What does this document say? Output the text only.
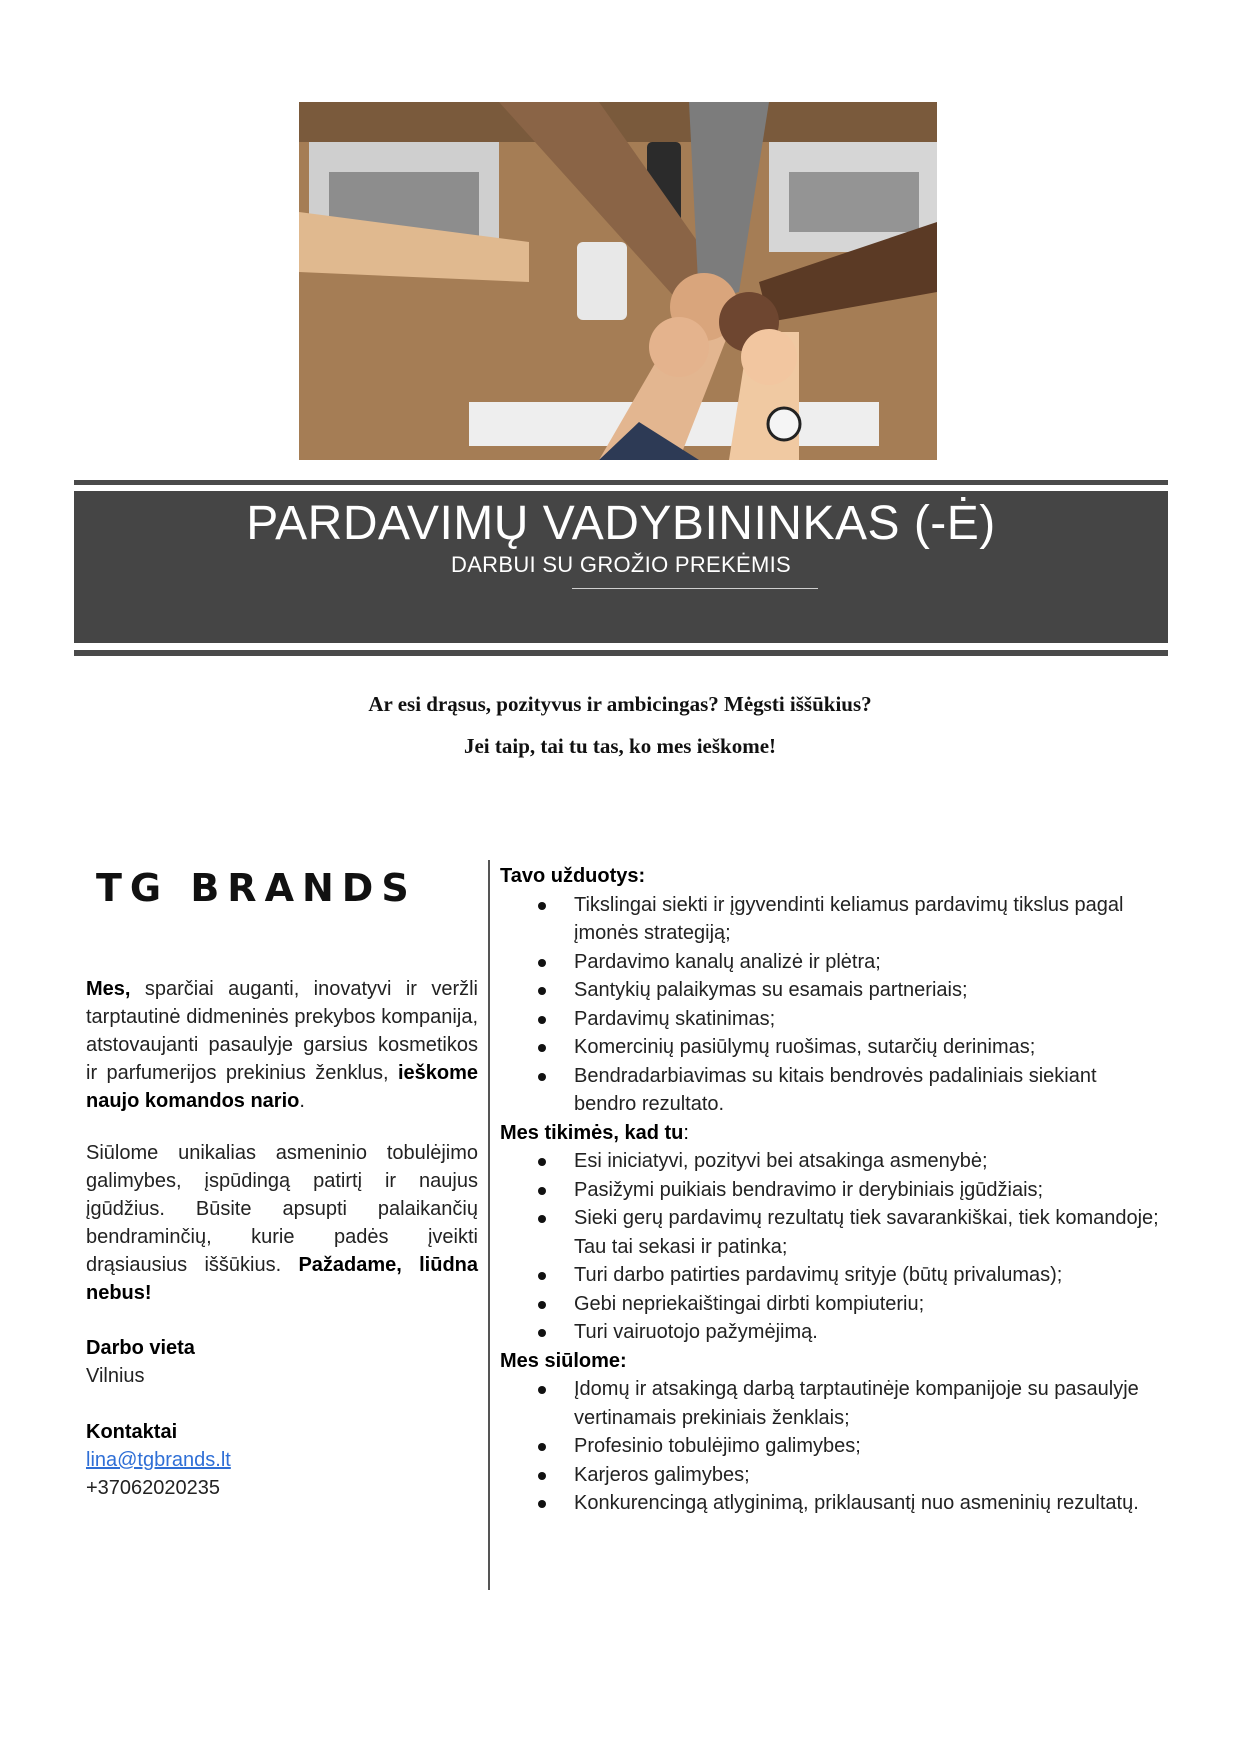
PARDAVIMŲ VADYBININKAS (-Ė)
DARBUI SU GROŽIO PREKĖMIS
Ar esi drąsus, pozityvus ir ambicingas? Mėgsti iššūkius?
Jei taip, tai tu tas, ko mes ieškome!
TG BRANDS
Mes, sparčiai auganti, inovatyvi ir veržli tarptautinė didmeninės prekybos kompanija, atstovaujanti pasaulyje garsius kosmetikos ir parfumerijos prekinius ženklus, ieškome naujo komandos nario.
Siūlome unikalias asmeninio tobulėjimo galimybes, įspūdingą patirtį ir naujus įgūdžius. Būsite apsupti palaikančių bendraminčių, kurie padės įveikti drąsiausius iššūkius. Pažadame, liūdna nebus!
Darbo vieta
Vilnius
Kontaktai
lina@tgbrands.lt
+37062020235
Tavo užduotys:
Tikslingai siekti ir įgyvendinti keliamus pardavimų tikslus pagal įmonės strategiją;
Pardavimo kanalų analizė ir plėtra;
Santykių palaikymas su esamais partneriais;
Pardavimų skatinimas;
Komercinių pasiūlymų ruošimas, sutarčių derinimas;
Bendradarbiavimas su kitais bendrovės padaliniais siekiant bendro rezultato.
Mes tikimės, kad tu:
Esi iniciatyvi, pozityvi bei atsakinga asmenybė;
Pasižymi puikiais bendravimo ir derybiniais įgūdžiais;
Sieki gerų pardavimų rezultatų tiek savarankiškai, tiek komandoje; Tau tai sekasi ir patinka;
Turi darbo patirties pardavimų srityje (būtų privalumas);
Gebi nepriekaištingai dirbti kompiuteriu;
Turi vairuotojo pažymėjimą.
Mes siūlome:
Įdomų ir atsakingą darbą tarptautinėje kompanijoje su pasaulyje vertinamais prekiniais ženklais;
Profesinio tobulėjimo galimybes;
Karjeros galimybes;
Konkurencingą atlyginimą, priklausantį nuo asmeninių rezultatų.
